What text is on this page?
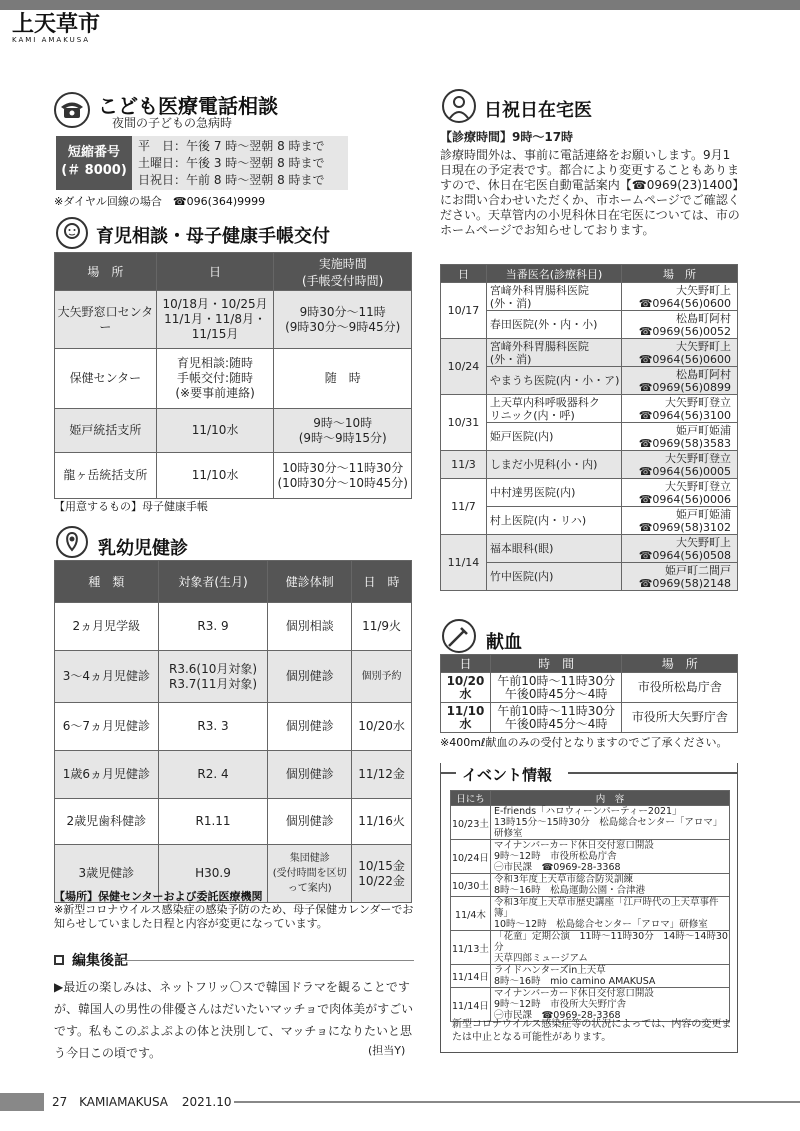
上天草市
KAMI AMAKUSA
こども医療電話相談
夜間の子どもの急病時
短縮番号
(＃ 8000)
平　日：午後 7 時～翌朝 8 時まで
土曜日：午後 3 時～翌朝 8 時まで
日祝日：午前 8 時～翌朝 8 時まで
※ダイヤル回線の場合　 ☎096(364)9999
育児相談・母子健康手帳交付
場　所	日	実施時間
(手帳受付時間)
大矢野窓口センター	10/18月・10/25月
11/1月・11/8月・
11/15月	9時30分～11時
(9時30分～9時45分)
保健センター	育児相談:随時
手帳交付:随時
(※要事前連絡)	随　時
姫戸統括支所	11/10水	9時～10時
(9時～9時15分)
龍ヶ岳統括支所	11/10水	10時30分～11時30分
(10時30分～10時45分)
【用意するもの】母子健康手帳
乳幼児健診
種　類	対象者(生月)	健診体制	日　時
2ヵ月児学級	R3. 9	個別相談	11/9火
3～4ヵ月児健診	R3.6(10月対象)
R3.7(11月対象)	個別健診	個別予約
6～7ヵ月児健診	R3. 3	個別健診	10/20水
1歳6ヵ月児健診	R2. 4	個別健診	11/12金
2歳児歯科健診	R1.11	個別健診	11/16火
3歳児健診	H30.9	集団健診
(受付時間を区切って案内)	10/15金
10/22金
【場所】保健センターおよび委託医療機関
※新型コロナウイルス感染症の感染予防のため、母子保健カレンダーでお知らせしていました日程と内容が変更になっています。
編集後記
▶最近の楽しみは、ネットフリッ〇スで韓国ドラマを観ることですが、韓国人の男性の俳優さんはだいたいマッチョで肉体美がすごいです。私もこのぷよぷよの体と決別して、マッチョになりたいと思う今日この頃です。	(担当Y)
日祝日在宅医
【診療時間】9時～17時
診療時間外は、事前に電話連絡をお願いします。9月1日現在の予定表です。都合により変更することもありますので、休日在宅医自動電話案内【☎0969(23)1400】にお問い合わせいただくか、市ホームページでご確認ください。天草管内の小児科休日在宅医については、市のホームページでお知らせしております。
日	当番医名(診療科目)	場　所
10/17	宮﨑外科胃腸科医院
(外・消)	大矢野町上
☎0964(56)0600
	春田医院(外・内・小)	松島町阿村
☎0969(56)0052
10/24	宮﨑外科胃腸科医院
(外・消)	大矢野町上
☎0964(56)0600
	やまうち医院(内・小・ア)	松島町阿村
☎0969(56)0899
10/31	上天草内科呼吸器科ク
リニック(内・呼)	大矢野町登立
☎0964(56)3100
	姫戸医院(内)	姫戸町姫浦
☎0969(58)3583
11/3	しまだ小児科(小・内)	大矢野町登立
☎0964(56)0005
11/7	中村達男医院(内)	大矢野町登立
☎0964(56)0006
	村上医院(内・リハ)	姫戸町姫浦
☎0969(58)3102
11/14	福本眼科(眼)	大矢野町上
☎0964(56)0508
	竹中医院(内)	姫戸町二間戸
☎0969(58)2148
献血
日	時　間	場　所
10/20水	午前10時～11時30分
午後0時45分～4時	市役所松島庁舎
11/10水	午前10時～11時30分
午後0時45分～4時	市役所大矢野庁舎
※400mℓ献血のみの受付となりますのでご了承ください。
イベント情報
日にち	内　容
10/23土	E-friends「ハロウィーンパーティー2021」
13時15分～15時30分　松島総合センター「アロマ」研修室
10/24日	マイナンバーカード休日交付窓口開設
9時～12時　市役所松島庁舎
㊀市民課　☎0969-28-3368
10/30土	令和3年度上天草市総合防災訓練
8時～16時　松島運動公園・合津港
11/4木	令和3年度上天草市歴史講座「江戸時代の上天草事件簿」
10時～12時　松島総合センター「アロマ」研修室
11/13土	「花童」定期公演　11時～11時30分　14時～14時30分
天草四郎ミュージアム
11/14日	ライドハンターズin上天草
8時～16時　mio camino AMAKUSA
11/14日	マイナンバーカード休日交付窓口開設
9時～12時　市役所大矢野庁舎
㊀市民課　☎0969-28-3368
新型コロナウイルス感染症等の状況によっては、内容の変更または中止となる可能性があります。
27 KAMIAMAKUSA 2021.10
